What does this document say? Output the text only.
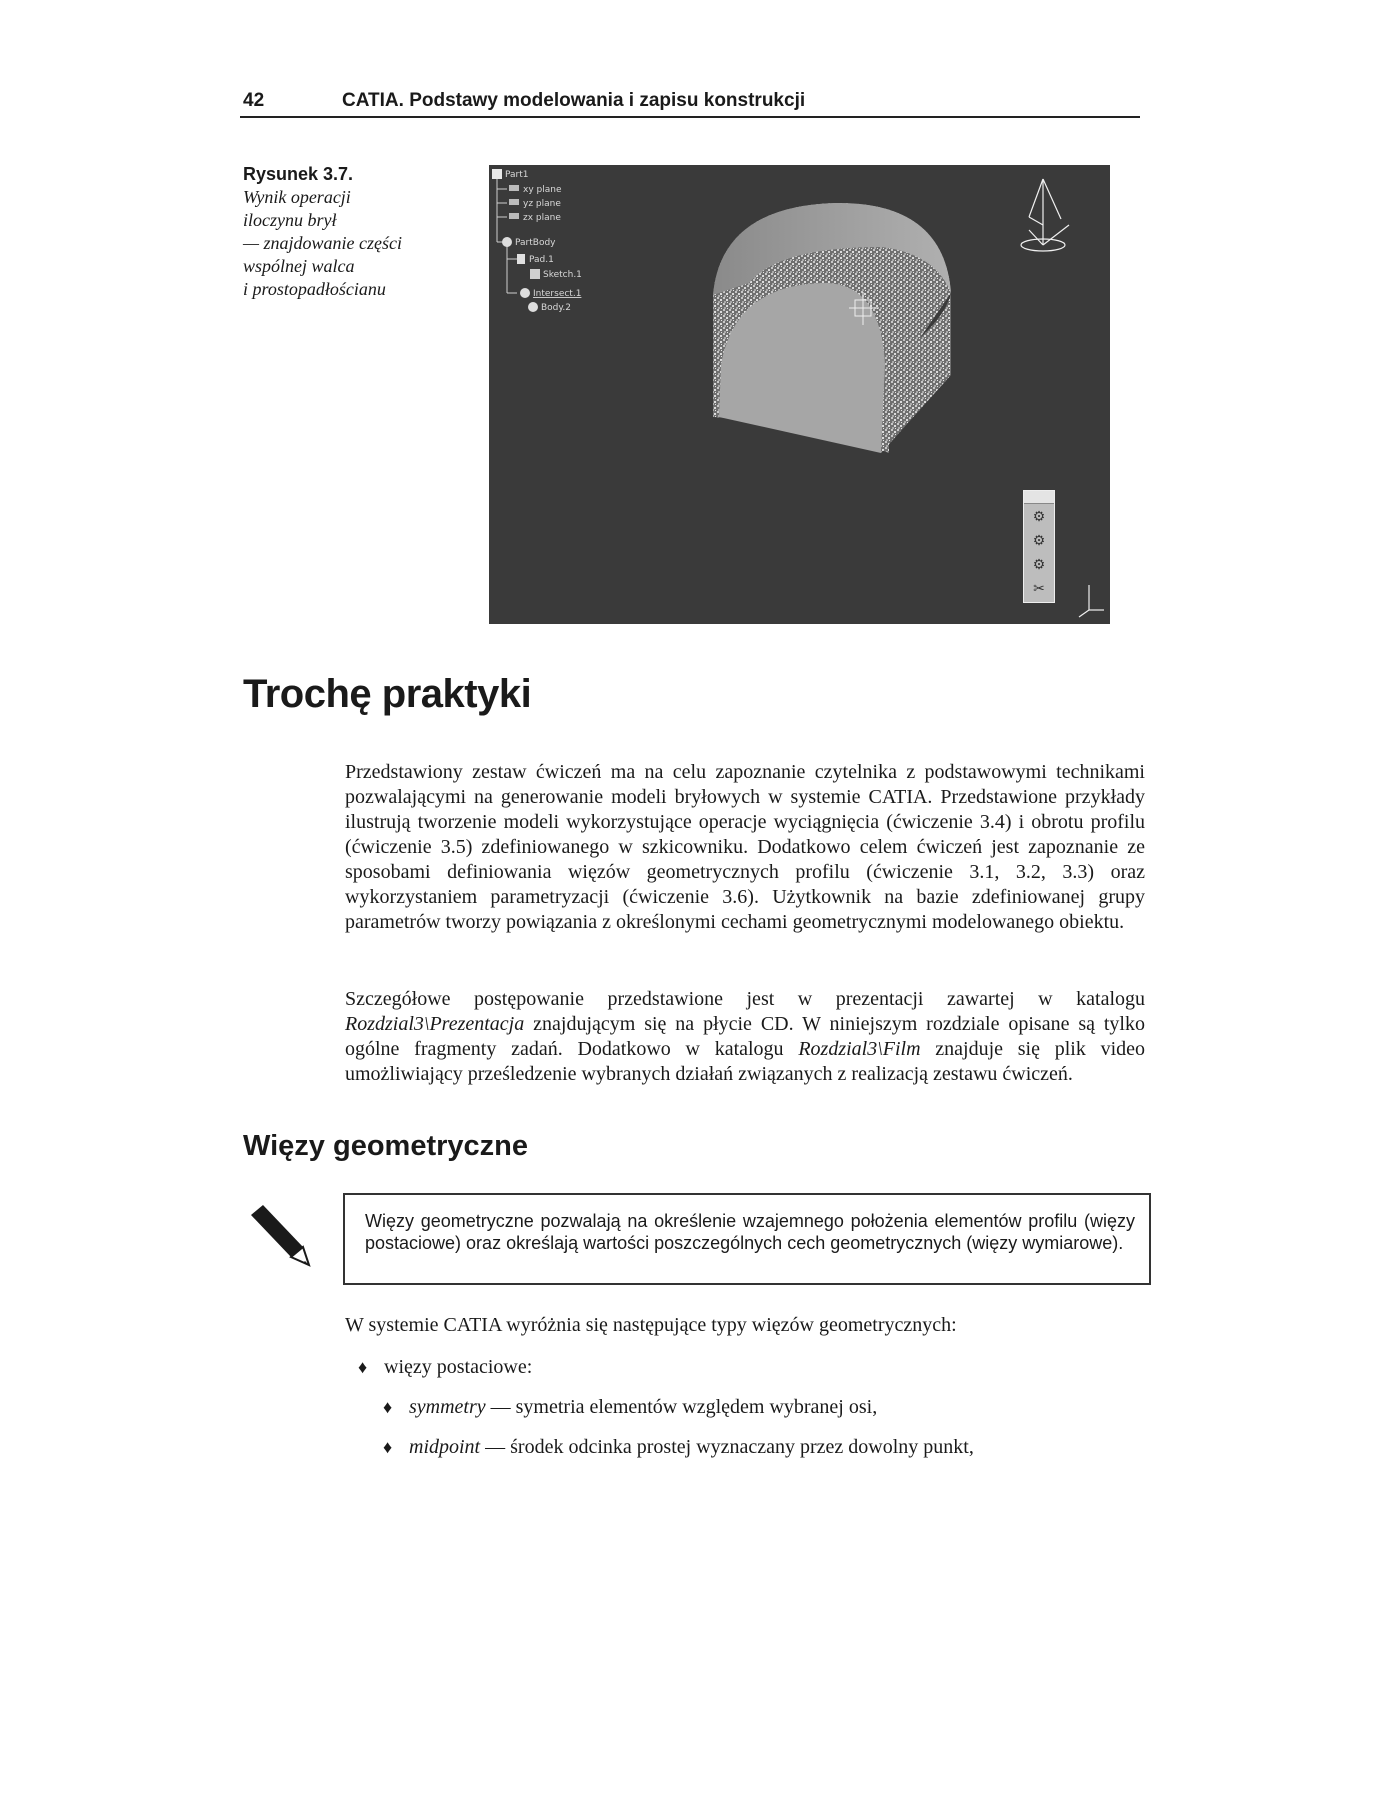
42	CATIA. Podstawy modelowania i zapisu konstrukcji
Rysunek 3.7.
Wynik operacji
iloczynu brył
— znajdowanie części
wspólnej walca
i prostopadłościanu
Part1
xy plane
yz plane
zx plane
PartBody
Pad.1
Sketch.1
Intersect.1
Body.2
⚙
⚙
⚙
✂
Trochę praktyki
Przedstawiony zestaw ćwiczeń ma na celu zapoznanie czytelnika z podstawowymi technikami pozwalającymi na generowanie modeli bryłowych w systemie CATIA. Przedstawione przykłady ilustrują tworzenie modeli wykorzystujące operacje wyciągnięcia (ćwiczenie 3.4) i obrotu profilu (ćwiczenie 3.5) zdefiniowanego w szkicowniku. Dodatkowo celem ćwiczeń jest zapoznanie ze sposobami definiowania więzów geometrycznych profilu (ćwiczenie 3.1, 3.2, 3.3) oraz wykorzystaniem parametryzacji (ćwiczenie 3.6). Użytkownik na bazie zdefiniowanej grupy parametrów tworzy powiązania z określonymi cechami geometrycznymi modelowanego obiektu.
Szczegółowe postępowanie przedstawione jest w prezentacji zawartej w katalogu Rozdzial3\Prezentacja znajdującym się na płycie CD. W niniejszym rozdziale opisane są tylko ogólne fragmenty zadań. Dodatkowo w katalogu Rozdzial3\Film znajduje się plik video umożliwiający prześledzenie wybranych działań związanych z realizacją zestawu ćwiczeń.
Więzy geometryczne
Więzy geometryczne pozwalają na określenie wzajemnego położenia elementów profilu (więzy postaciowe) oraz określają wartości poszczególnych cech geometrycznych (więzy wymiarowe).
W systemie CATIA wyróżnia się następujące typy więzów geometrycznych:
♦ więzy postaciowe:
♦ symmetry — symetria elementów względem wybranej osi,
♦ midpoint — środek odcinka prostej wyznaczany przez dowolny punkt,
